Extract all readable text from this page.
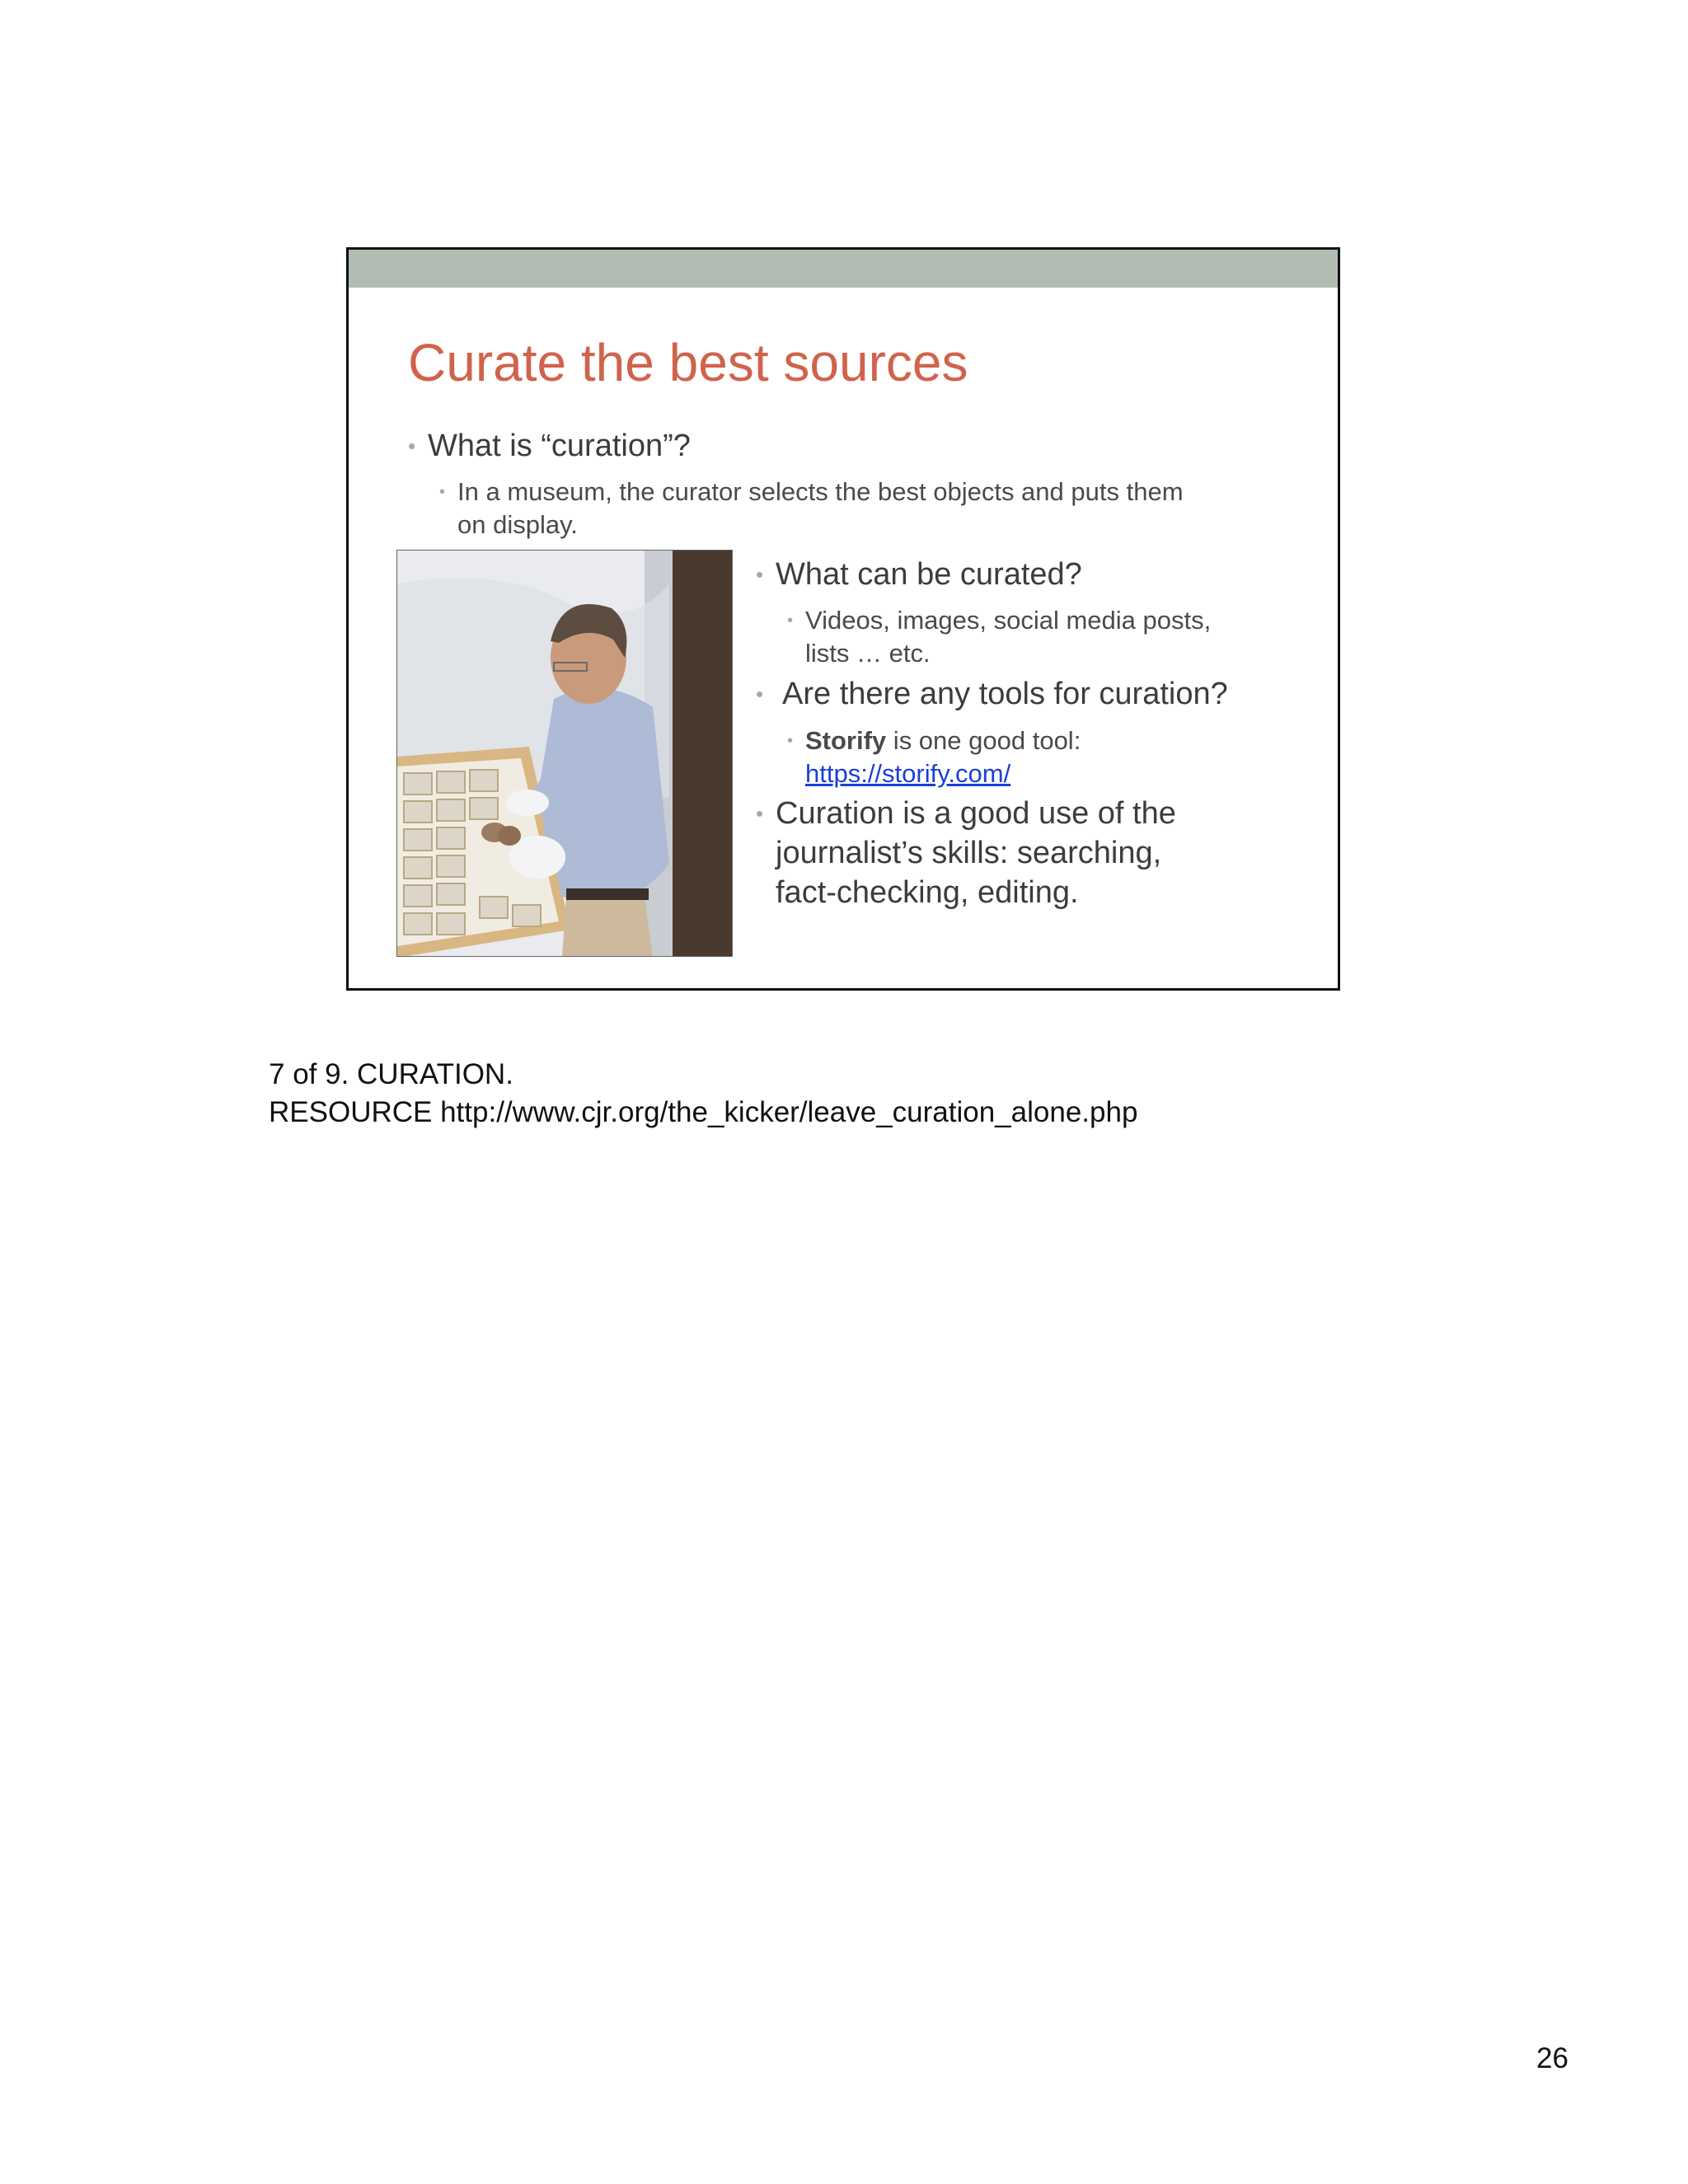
Curate the best sources
• What is “curation”?
• In a museum, the curator selects the best objects and puts them
on display.
• What can be curated?
• Videos, images, social media posts,
lists … etc.
• Are there any tools for curation?
• Storify is one good tool:
https://storify.com/
• Curation is a good use of the
journalist’s skills: searching,
fact-checking, editing.
7 of 9. CURATION.
RESOURCE http://www.cjr.org/the_kicker/leave_curation_alone.php
26
